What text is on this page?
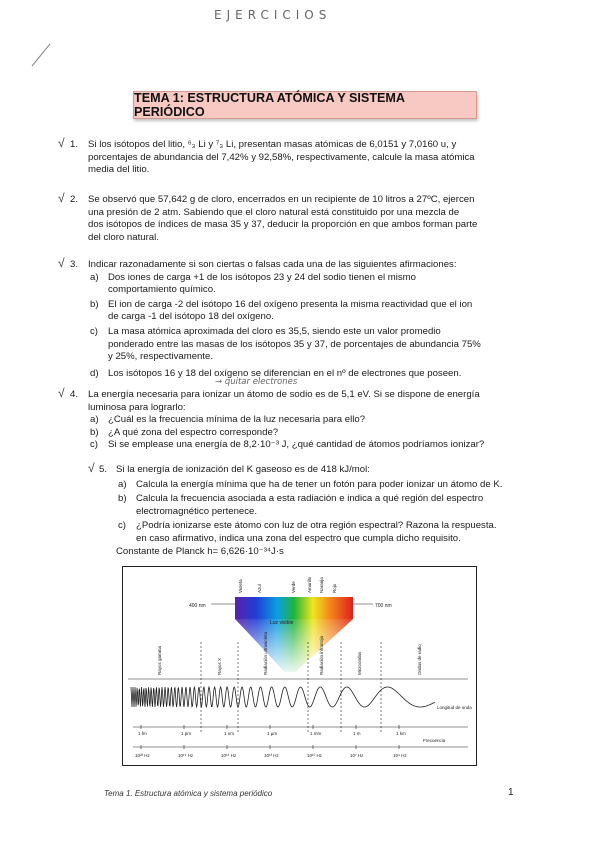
EJERCICIOS
TEMA 1: ESTRUCTURA ATÓMICA Y SISTEMA PERIÓDICO
√ 1. Si los isótopos del litio, ⁶₃ Li y ⁷₃ Li, presentan masas atómicas de 6,0151 y 7,0160 u, y
porcentajes de abundancia del 7,42% y 92,58%, respectivamente, calcule la masa atómica
media del litio.
√ 2. Se observó que 57,642 g de cloro, encerrados en un recipiente de 10 litros a 27ºC, ejercen
una presión de 2 atm. Sabiendo que el cloro natural está constituido por una mezcla de
dos isótopos de índices de masa 35 y 37, deducir la proporción en que ambos forman parte
del cloro natural.
√ 3. Indicar razonadamente si son ciertas o falsas cada una de las siguientes afirmaciones:
a) Dos iones de carga +1 de los isótopos 23 y 24 del sodio tienen el mismo
comportamiento químico.
b) El ion de carga -2 del isótopo 16 del oxígeno presenta la misma reactividad que el ion
de carga -1 del isótopo 18 del oxígeno.
c) La masa atómica aproximada del cloro es 35,5, siendo este un valor promedio
ponderado entre las masas de los isótopos 35 y 37, de porcentajes de abundancia 75%
y 25%, respectivamente.
d) Los isótopos 16 y 18 del oxígeno se diferencian en el nº de electrones que poseen.
→ quitar electrones
√ 4. La energía necesaria para ionizar un átomo de sodio es de 5,1 eV. Si se dispone de energía
luminosa para lograrlo:
a) ¿Cuál es la frecuencia mínima de la luz necesaria para ello?
b) ¿A qué zona del espectro corresponde?
c) Si se emplease una energía de 8,2·10⁻³ J, ¿qué cantidad de átomos podríamos ionizar?
√ 5. Si la energía de ionización del K gaseoso es de 418 kJ/mol:
a) Calcula la energía mínima que ha de tener un fotón para poder ionizar un átomo de K.
b) Calcula la frecuencia asociada a esta radiación e indica a qué región del espectro
electromagnético pertenece.
c) ¿Podría ionizarse este átomo con luz de otra región espectral? Razona la respuesta.
en caso afirmativo, indica una zona del espectro que cumpla dicho requisito.
Constante de Planck h= 6,626·10⁻³⁴J·s
400 nm	700 nm
Luz visible
Violeta	Azul	Verde Amarillo Naranja Rojo
Rayos gamma	Rayos X	Radiación ultravioleta	Radiación infrarroja	Microondas	Ondas de radio
Longitud de onda
1 fm	1 pm	1 nm	1 µm	1 mm	1 m	1 km
Frecuencia
10²² Hz	10¹⁹ Hz	10¹⁶ Hz	10¹³ Hz	10¹⁰ Hz	10⁷ Hz	10⁴ Hz
Tema 1. Estructura atómica y sistema periódico	1
